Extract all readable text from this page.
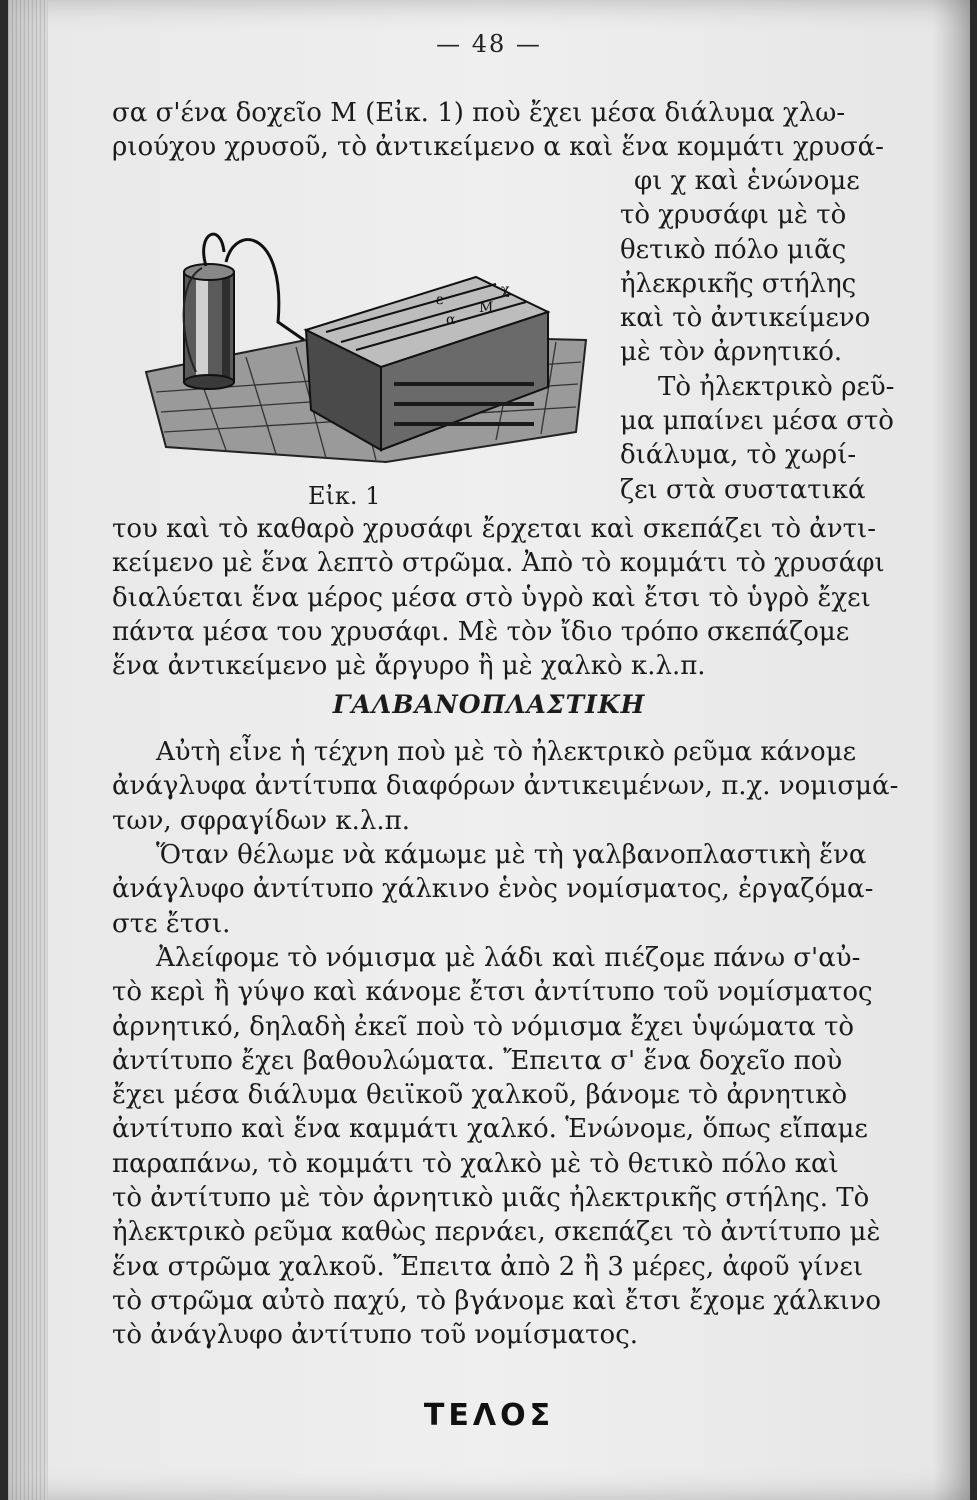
— 48 —
σα σ'ένα δοχεῖο Μ (Εἰκ. 1) ποὺ ἔχει μέσα διάλυμα χλω-
ριούχου χρυσοῦ, τὸ ἀντικείμενο α καὶ ἕνα κομμάτι χρυσά-
φι χ καὶ ἑνώνομε
τὸ χρυσάφι μὲ τὸ
θετικὸ πόλο μιᾶς
ἠλεκρικῆς στήλης
καὶ τὸ ἀντικείμενο
μὲ τὸν ἀρνητικό.
Τὸ ἠλεκτρικὸ ρεῦ-
μα μπαίνει μέσα στὸ
διάλυμα, τὸ χωρί-
ζει στὰ συστατικά
ε
α
Μ
χ
Εἰκ. 1
του καὶ τὸ καθαρὸ χρυσάφι ἔρχεται καὶ σκεπάζει τὸ ἀντι-
κείμενο μὲ ἕνα λεπτὸ στρῶμα. Ἀπὸ τὸ κομμάτι τὸ χρυσάφι
διαλύεται ἕνα μέρος μέσα στὸ ὑγρὸ καὶ ἔτσι τὸ ὑγρὸ ἔχει
πάντα μέσα του χρυσάφι. Μὲ τὸν ἴδιο τρόπο σκεπάζομε
ἕνα ἀντικείμενο μὲ ἄργυρο ἢ μὲ χαλκὸ κ.λ.π.
ΓΑΛΒΑΝΟΠΛΑΣΤΙΚΗ
Αὐτὴ εἶνε ἡ τέχνη ποὺ μὲ τὸ ἠλεκτρικὸ ρεῦμα κάνομε
ἀνάγλυφα ἀντίτυπα διαφόρων ἀντικειμένων, π.χ. νομισμά-
των, σφραγίδων κ.λ.π.
Ὅταν θέλωμε νὰ κάμωμε μὲ τὴ γαλβανοπλαστικὴ ἕνα
ἀνάγλυφο ἀντίτυπο χάλκινο ἑνὸς νομίσματος, ἐργαζόμα-
στε ἔτσι.
Ἀλείφομε τὸ νόμισμα μὲ λάδι καὶ πιέζομε πάνω σ'αὐ-
τὸ κερὶ ἢ γύψο καὶ κάνομε ἔτσι ἀντίτυπο τοῦ νομίσματος
ἀρνητικό, δηλαδὴ ἐκεῖ ποὺ τὸ νόμισμα ἔχει ὑψώματα τὸ
ἀντίτυπο ἔχει βαθουλώματα. Ἔπειτα σ' ἕνα δοχεῖο ποὺ
ἔχει μέσα διάλυμα θειϊκοῦ χαλκοῦ, βάνομε τὸ ἀρνητικὸ
ἀντίτυπο καὶ ἕνα καμμάτι χαλκό. Ἑνώνομε, ὅπως εἴπαμε
παραπάνω, τὸ κομμάτι τὸ χαλκὸ μὲ τὸ θετικὸ πόλο καὶ
τὸ ἀντίτυπο μὲ τὸν ἀρνητικὸ μιᾶς ἠλεκτρικῆς στήλης. Τὸ
ἠλεκτρικὸ ρεῦμα καθὼς περνάει, σκεπάζει τὸ ἀντίτυπο μὲ
ἕνα στρῶμα χαλκοῦ. Ἔπειτα ἀπὸ 2 ἢ 3 μέρες, ἀφοῦ γίνει
τὸ στρῶμα αὐτὸ παχύ, τὸ βγάνομε καὶ ἔτσι ἔχομε χάλκινο
τὸ ἀνάγλυφο ἀντίτυπο τοῦ νομίσματος.
ΤΕΛΟΣ
